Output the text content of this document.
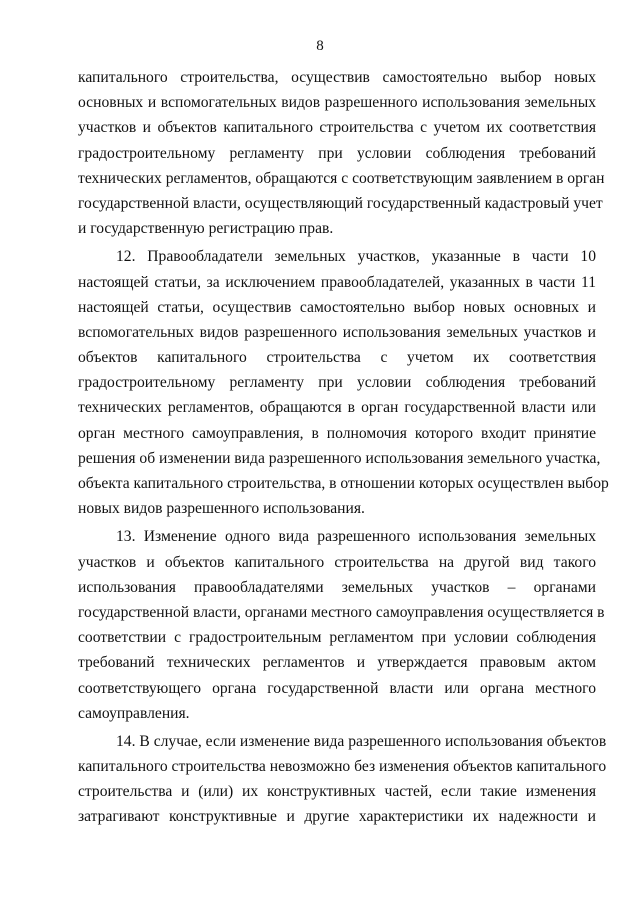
8
капитального строительства, осуществив самостоятельно выбор новых
основных и вспомогательных видов разрешенного использования земельных
участков и объектов капитального строительства с учетом их соответствия
градостроительному регламенту при условии соблюдения требований
технических регламентов, обращаются с соответствующим заявлением в орган
государственной власти, осуществляющий государственный кадастровый учет
и государственную регистрацию прав.
12. Правообладатели земельных участков, указанные в части 10
настоящей статьи, за исключением правообладателей, указанных в части 11
настоящей статьи, осуществив самостоятельно выбор новых основных и
вспомогательных видов разрешенного использования земельных участков и
объектов капитального строительства с учетом их соответствия
градостроительному регламенту при условии соблюдения требований
технических регламентов, обращаются в орган государственной власти или
орган местного самоуправления, в полномочия которого входит принятие
решения об изменении вида разрешенного использования земельного участка,
объекта капитального строительства, в отношении которых осуществлен выбор
новых видов разрешенного использования.
13. Изменение одного вида разрешенного использования земельных
участков и объектов капитального строительства на другой вид такого
использования правообладателями земельных участков – органами
государственной власти, органами местного самоуправления осуществляется в
соответствии с градостроительным регламентом при условии соблюдения
требований технических регламентов и утверждается правовым актом
соответствующего органа государственной власти или органа местного
самоуправления.
14. В случае, если изменение вида разрешенного использования объектов
капитального строительства невозможно без изменения объектов капитального
строительства и (или) их конструктивных частей, если такие изменения
затрагивают конструктивные и другие характеристики их надежности и
